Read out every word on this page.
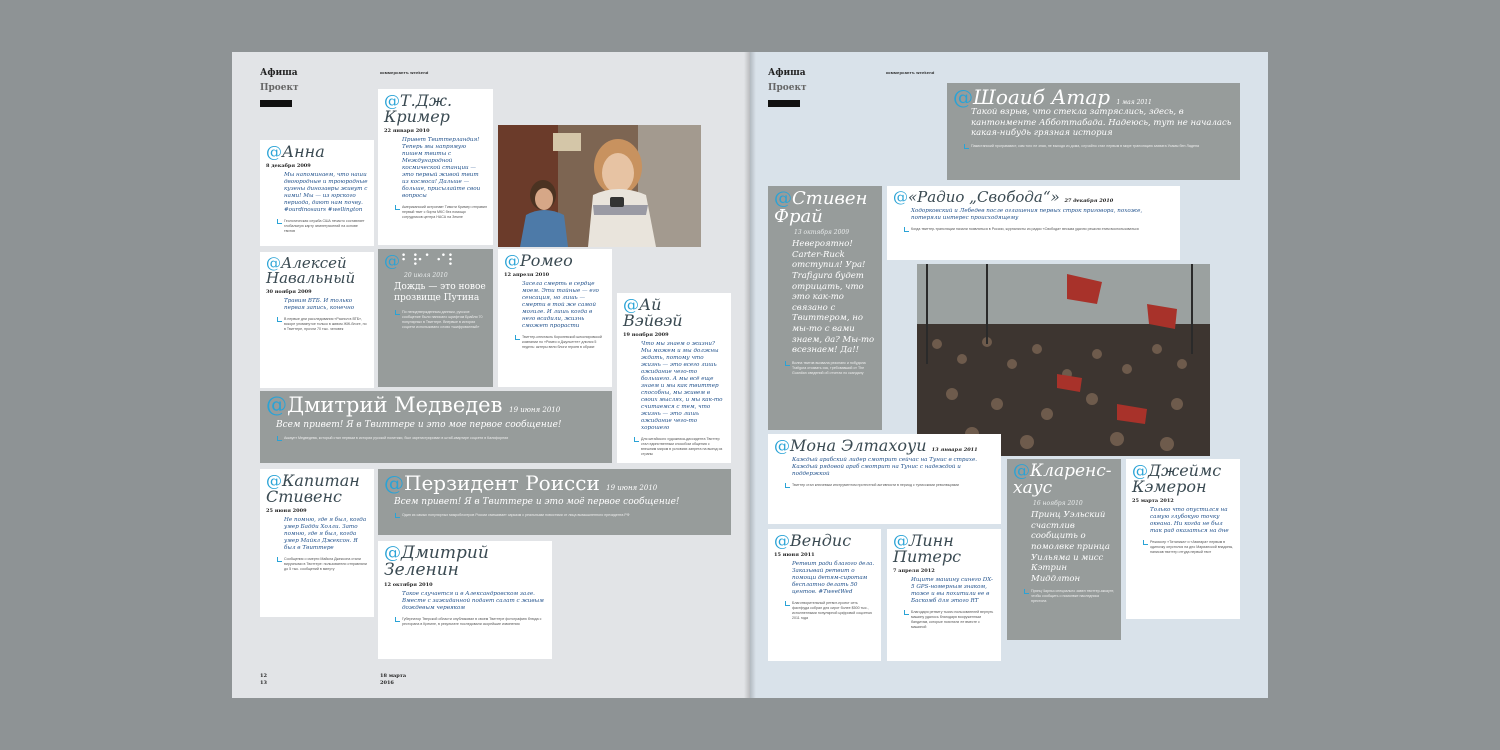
Афиша
Проект
коммерсантъ weekend	Афиша
Проект
коммерсантъ weekend
@Анна
8 декабря 2009
Мы напоминаем, что наши двоюродные и троюродные кузены динозавры живут с нами! Мы — из юрского периода, дают нам почву. #ourdinosaurs #wellington
Геологическая служба США нечасто составляет глобальную карту землетрясений на основе твитов
@Т.Дж. Кример
22 января 2010
Привет Твиттерландия! Теперь мы напрямую пишем твиты с Международной космической станции — это первый живой твит из космоса! Дальше — больше, присылайте свои вопросы
Американский астронавт Тимоти Кример отправил первый твит с борта МКС без помощи сотрудников центра НАСА на Земле
@Алексей Навальный
30 ноября 2009
Травим ВТБ. И только первая запись, конечно
В первые дни расследования «Распил в ВТБ», вскоре упомянутое только в живом ЖЖ-блоге, но в Твиттере, прочли 70 тыс. человек
@⠃⠗⠁⠊⠇
20 июля 2010
Дождь — это новое прозвище Путина
По неподтвержденным данным, русское сообщение было написано шрифтом Брайля 70 популярных в Твиттере. Впервые в истории соцсети использовано слово «шифрованный»
@Ромео
12 апреля 2010
Засела смерть в сердце моем. Эти тайные — его сенсация, но лишь — смерти в той же самой могиле. И лишь когда в него всадили, жизнь сможет прорасти
Твиттер-спектакль Королевской шекспировской компании по «Ромео и Джульетте» длился 5 недель: актеры вели блоги героев в образе
@Ай Вэйвэй
19 ноября 2009
Что мы знаем о жизни? Мы можем и мы должны ждать, потому что жизнь — это всего лишь ожидание чего-то большего. А мы всё еще знаем и мы как твиттер способны, мы живем в своих мыслях, и мы как-то считаемся с тем, что жизнь — это лишь ожидание чего-то хорошего
Для китайского художника-диссидента Твиттер стал единственным способом общения с внешним миром в условиях запрета на выезд из страны
@Дмитрий Медведев 19 июня 2010
Всем привет! Я в Твиттере и это мое первое сообщение!
Аккаунт Медведева, который стал первым в истории русской политики, был зарегистрирован в штаб-квартире соцсети в Калифорнии
@Капитан Стивенс
25 июня 2009
Не помню, где я был, когда умер Бадди Холли. Зато помню, где я был, когда умер Майкл Джексон. Я был в Твиттере
Сообщения о смерти Майкла Джексона стали вирусными в Твиттере: пользователи отправляли до 5 тыс. сообщений в минуту
@Перзидент Роисси 19 июня 2010
Всем привет! Я в Твиттере и это моё первое сообщение!
Один из самых популярных микроблогеров России смешивает сарказм с реальными новостями от лица вымышленного президента РФ
@Дмитрий Зеленин
12 октября 2010
Такое случается и в Александровском зале. Вместе с зажиданной подает салат с живым дождевым червяком
Губернатор Тверской области опубликовал в своем Твиттере фотографию блюда с ресторана в Кремле, в результате последовали скорейшие извинения
12
13
18 марта
2016
@Шоаиб Атар 1 мая 2011
Такой взрыв, что стекла затряслись, здесь, в кантонменте Абботтабада. Надеюсь, тут не началась какая-нибудь грязная история
Пакистанский программист, сам того не зная, не выходя из дома, случайно стал первым в мире трансляцию захвата Усамы бен Ладена
@Стивен Фрай
13 октября 2009
Невероятно! Carter-Ruck отступил! Ура! Trafigura будет отрицать, что это как-то связано с Твиттером, но мы-то с вами знаем, да? Мы-то всезнаем! Да!!
Волна твитов вызвала резонанс и побудила Trafigura отозвать иск, требовавший от The Guardian сведений об отчетах по скандалу
@«Радио „Свобода“» 27 декабря 2010
Ходорковский и Лебедев после оглашения первых строк приговора, похоже, потеряли интерес происходящему
Когда твиттер-трансляции начали появляться в России, журналисты из радио «Свобода» весьма удачно решили этим воспользоваться
@Мона Элтахоуи 13 января 2011
Каждый арабский лидер смотрит сейчас на Тунис в страхе. Каждый рядовой араб смотрит на Тунис с надеждой и поддержкой
Твиттер стал ключевым инструментом протестной активности в период с тунисскими революциями
@Кларенс-хаус
16 ноября 2010
Принц Уэльский счастлив сообщить о помолвке принца Уильяма и мисс Кэтрин Миддлтон
Принц Чарльз специально завел твиттер-аккаунт, чтобы сообщить о помолвке наследника престола
@Джеймс Кэмерон
25 марта 2012
Только что опустился на самую глубокую точку океана. Ни когда не был так рад оказаться на дне
Режиссер «Титаника» и «Аватара» первым в одиночку опустился на дно Марианской впадины, написав твиттер оттуда первый твит
@Вендис
15 июня 2011
Ретвит ради благого дела. Заказывай ретвит о помощи детям-сиротам бесплатно делать 50 центов. #TweetWed
Благотворительный ретвит-проект сеть фастфуда собрал для сирот более $500 тыс., исполненными популярной цифровой соцсетью 2011 года
@Линн Питерс
7 апреля 2012
Ищите машину синего DX-5 GPS-номерным знаком, тоже и вы похитили ее в Баскомб для этого RT
Благодаря ретвиту тысяч пользователей вернуть машину удалось благодаря вооруженным бандитам, которые похитили ее вместе с машиной
